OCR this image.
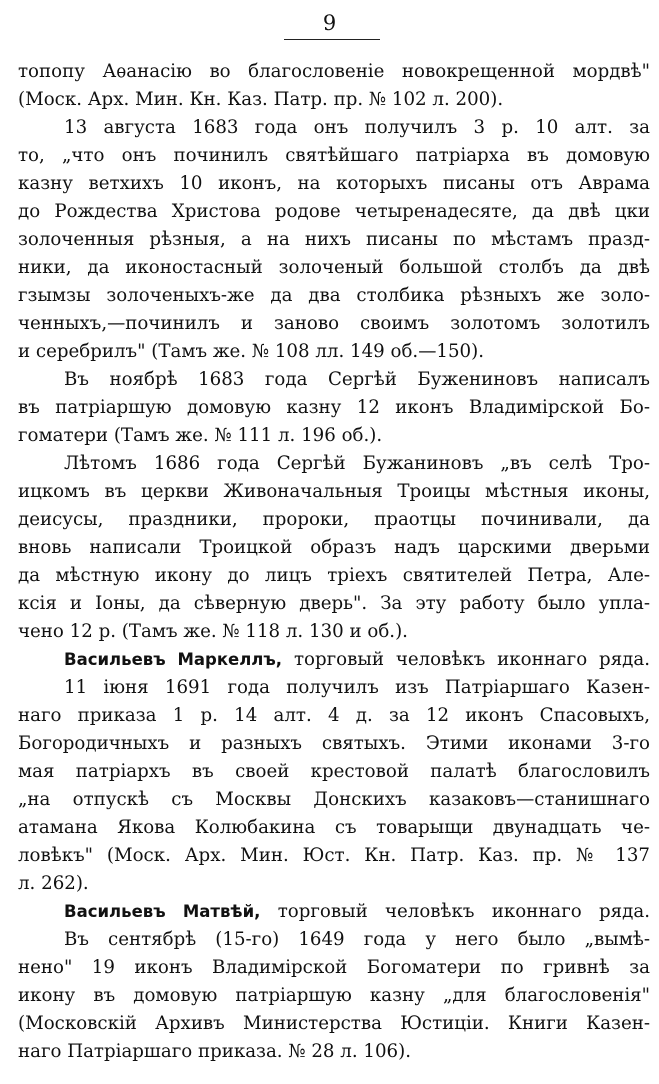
9
топопу Аѳанасію во благословеніе новокрещенной мордвѣ"
(Моск. Арх. Мин. Кн. Каз. Патр. пр. № 102 л. 200).
13 августа 1683 года онъ получилъ 3 р. 10 алт. за
то, „что онъ починилъ святѣйшаго патріарха въ домовую
казну ветхихъ 10 иконъ, на которыхъ писаны отъ Аврама
до Рождества Христова родове четыренадесяте, да двѣ цки
золоченныя рѣзныя, а на нихъ писаны по мѣстамъ празд-
ники, да иконостасный золоченый большой столбъ да двѣ
гзымзы золоченыхъ-же да два столбика рѣзныхъ же золо-
ченныхъ,—починилъ и заново своимъ золотомъ золотилъ
и серебрилъ" (Тамъ же. № 108 лл. 149 об.—150).
Въ ноябрѣ 1683 года Сергѣй Бужениновъ написалъ
въ патріаршую домовую казну 12 иконъ Владимірской Бо-
гоматери (Тамъ же. № 111 л. 196 об.).
Лѣтомъ 1686 года Сергѣй Бужаниновъ „въ селѣ Тро-
ицкомъ въ церкви Живоначальныя Троицы мѣстныя иконы,
деисусы, праздники, пророки, праотцы починивали, да
вновь написали Троицкой образъ надъ царскими дверьми
да мѣстную икону до лицъ тріехъ святителей Петра, Але-
ксія и Іоны, да сѣверную дверь". За эту работу было упла-
чено 12 р. (Тамъ же. № 118 л. 130 и об.).
Васильевъ Маркеллъ, торговый человѣкъ иконнаго ряда.
11 іюня 1691 года получилъ изъ Патріаршаго Казен-
наго приказа 1 р. 14 алт. 4 д. за 12 иконъ Спасовыхъ,
Богородичныхъ и разныхъ святыхъ. Этими иконами 3-го
мая патріархъ въ своей крестовой палатѣ благословилъ
„на отпускѣ съ Москвы Донскихъ казаковъ—станишнаго
атамана Якова Колюбакина съ товарыщи двунадцать че-
ловѣкъ" (Моск. Арх. Мин. Юст. Кн. Патр. Каз. пр. № 137
л. 262).
Васильевъ Матвѣй, торговый человѣкъ иконнаго ряда.
Въ сентябрѣ (15-го) 1649 года у него было „вымѣ-
нено" 19 иконъ Владимірской Богоматери по гривнѣ за
икону въ домовую патріаршую казну „для благословенія"
(Московскій Архивъ Министерства Юстиціи. Книги Казен-
наго Патріаршаго приказа. № 28 л. 106).
